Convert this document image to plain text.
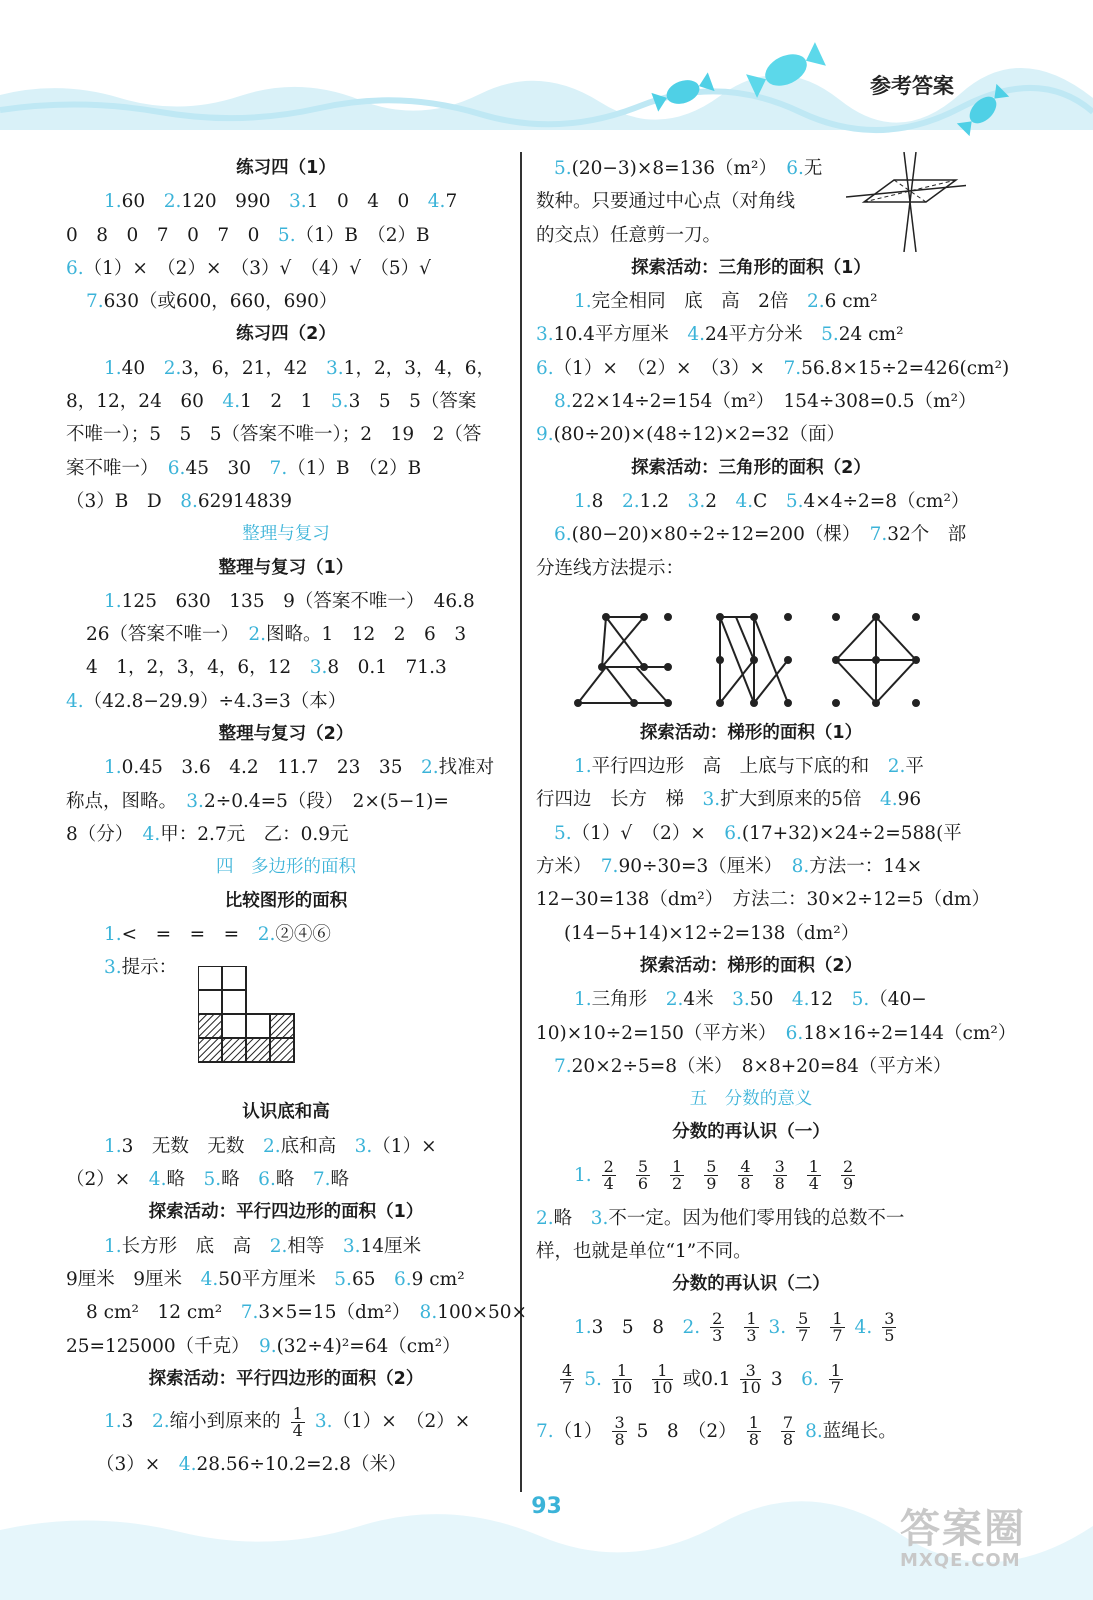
参考答案
练习四（1）
1.60　 2.120　990　 3.1　0　4　0　 4.7
0　8　0　7　0　7　0　 5.（1）B　（2）B
6.（1）×　（2）×　（3）√　（4）√　（5）√
7.630（或600，660，690）
练习四（2）
1.40　 2.3，6，21，42　 3.1，2，3，4，6，
8，12，24　60　 4.1　2　1　 5.3　5　5（答案
不唯一）；5　5　5（答案不唯一）；2　19　2（答
案不唯一）　 6.45　30　 7.（1）B　（2）B
（3）B　D　 8.62914839
整理与复习
整理与复习（1）
1.125　630　135　9（答案不唯一）　46.8
26（答案不唯一）　 2.图略。1　12　2　6　3
4　1，2，3，4，6，12　 3.8　0.1　71.3
4.（42.8−29.9）÷4.3=3（本）
整理与复习（2）
1.0.45　3.6　4.2　11.7　23　35　 2.找准对
称点，图略。　 3.2÷0.4=5（段）　2×(5−1)=
8（分）　 4.甲：2.7元　乙：0.9元
四　多边形的面积
比较图形的面积
1.<　=　=　=　 2.②④⑥
3.提示：
认识底和高
1.3　无数　无数　 2.底和高　 3.（1）×
（2）×　 4.略　 5.略　 6.略　 7.略
探索活动：平行四边形的面积（1）
1.长方形　底　高　 2.相等　 3.14厘米
9厘米　9厘米　 4.50平方厘米　 5.65　 6.9 cm²
8 cm²　12 cm²　 7.3×5=15（dm²）　 8.100×50×
25=125000（千克）　 9.(32÷4)²=64（cm²）
探索活动：平行四边形的面积（2）
1.3　 2.缩小到原来的 $\frac{1}{4} 3.(1)\times$　（2）×
（3）×　 4.28.56÷10.2=2.8（米）
5.(20−3)×8=136（m²）　 6.无
数种。只要通过中心点（对角线
的交点）任意剪一刀。
探索活动：三角形的面积（1）
1.完全相同　底　高　2倍　 2.6 cm²
3.10.4平方厘米　 4.24平方分米　 5.24 cm²
6.（1）×　（2）×　（3）×　 7.56.8×15÷2=426(cm²)
8.22×14÷2=154（m²）　154÷308=0.5（m²）
9.(80÷20)×(48÷12)×2=32（面）
探索活动：三角形的面积（2）
1.8　 2.1.2　 3.2　 4.C　 5.4×4÷2=8（cm²）
6.(80−20)×80÷2÷12=200（棵）　 7.32个　部
分连线方法提示：
探索活动：梯形的面积（1）
1.平行四边形　高　上底与下底的和　 2.平
行四边　长方　梯　 3.扩大到原来的5倍　 4.96
5.（1）√　（2）×　 6.(17+32)×24÷2=588(平
方米）　 7.90÷30=3（厘米）　 8.方法一：14×
12−30=138（dm²）　方法二：30×2÷12=5（dm）
(14−5+14)×12÷2=138（dm²）
探索活动：梯形的面积（2）
1.三角形　 2.4米　 3.50　 4.12　 5.（40−
10)×10÷2=150（平方米）　 6.18×16÷2=144（cm²）
7.20×2÷5=8（米）　8×8+20=84（平方米）
五　分数的意义
分数的再认识（一）
1. $\frac{2}{4} \frac{5}{6} \frac{1}{2} \frac{5}{9} \frac{4}{8} \frac{3}{8} \frac{1}{4} \frac{2}{9}$
2.略　 3.不一定。因为他们零用钱的总数不一
样，也就是单位“1”不同。
分数的再认识（二）
1.3　5　8　 2. $\frac{2}{3} \frac{1}{3} 3$. $\frac{5}{7} \frac{1}{7} 4$. $\frac{3}{5}$
$\frac{4}{7} 5$. $\frac{1}{10} \frac{1}{10}$ 或$0.1 \frac{3}{10} 3$　 6. $\frac{1}{7}$
$7.(1) \frac{3}{8} 5$　8　$(2) \frac{1}{8} \frac{7}{8} 8$.蓝绳长。
93	答案圈
MXQE.COM
